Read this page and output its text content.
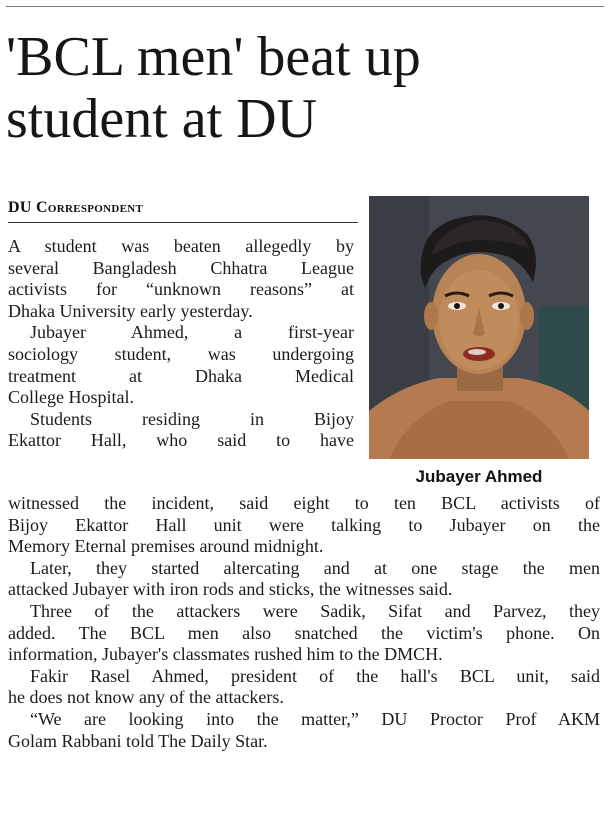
'BCL men' beat up
student at DU
DU Correspondent
Jubayer Ahmed

A student was beaten allegedly by
several Bangladesh Chhatra League
activists for “unknown reasons” at
Dhaka University early yesterday.

Jubayer Ahmed, a first-year
sociology student, was undergoing
treatment at Dhaka Medical
College Hospital.

Students residing in Bijoy
Ekattor Hall, who said to have

witnessed the incident, said eight to ten BCL activists of
Bijoy Ekattor Hall unit were talking to Jubayer on the
Memory Eternal premises around midnight.

Later, they started altercating and at one stage the men
attacked Jubayer with iron rods and sticks, the witnesses said.

Three of the attackers were Sadik, Sifat and Parvez, they
added. The BCL men also snatched the victim's phone. On
information, Jubayer's classmates rushed him to the DMCH.

Fakir Rasel Ahmed, president of the hall's BCL unit, said
he does not know any of the attackers.

“We are looking into the matter,” DU Proctor Prof AKM
Golam Rabbani told The Daily Star.
